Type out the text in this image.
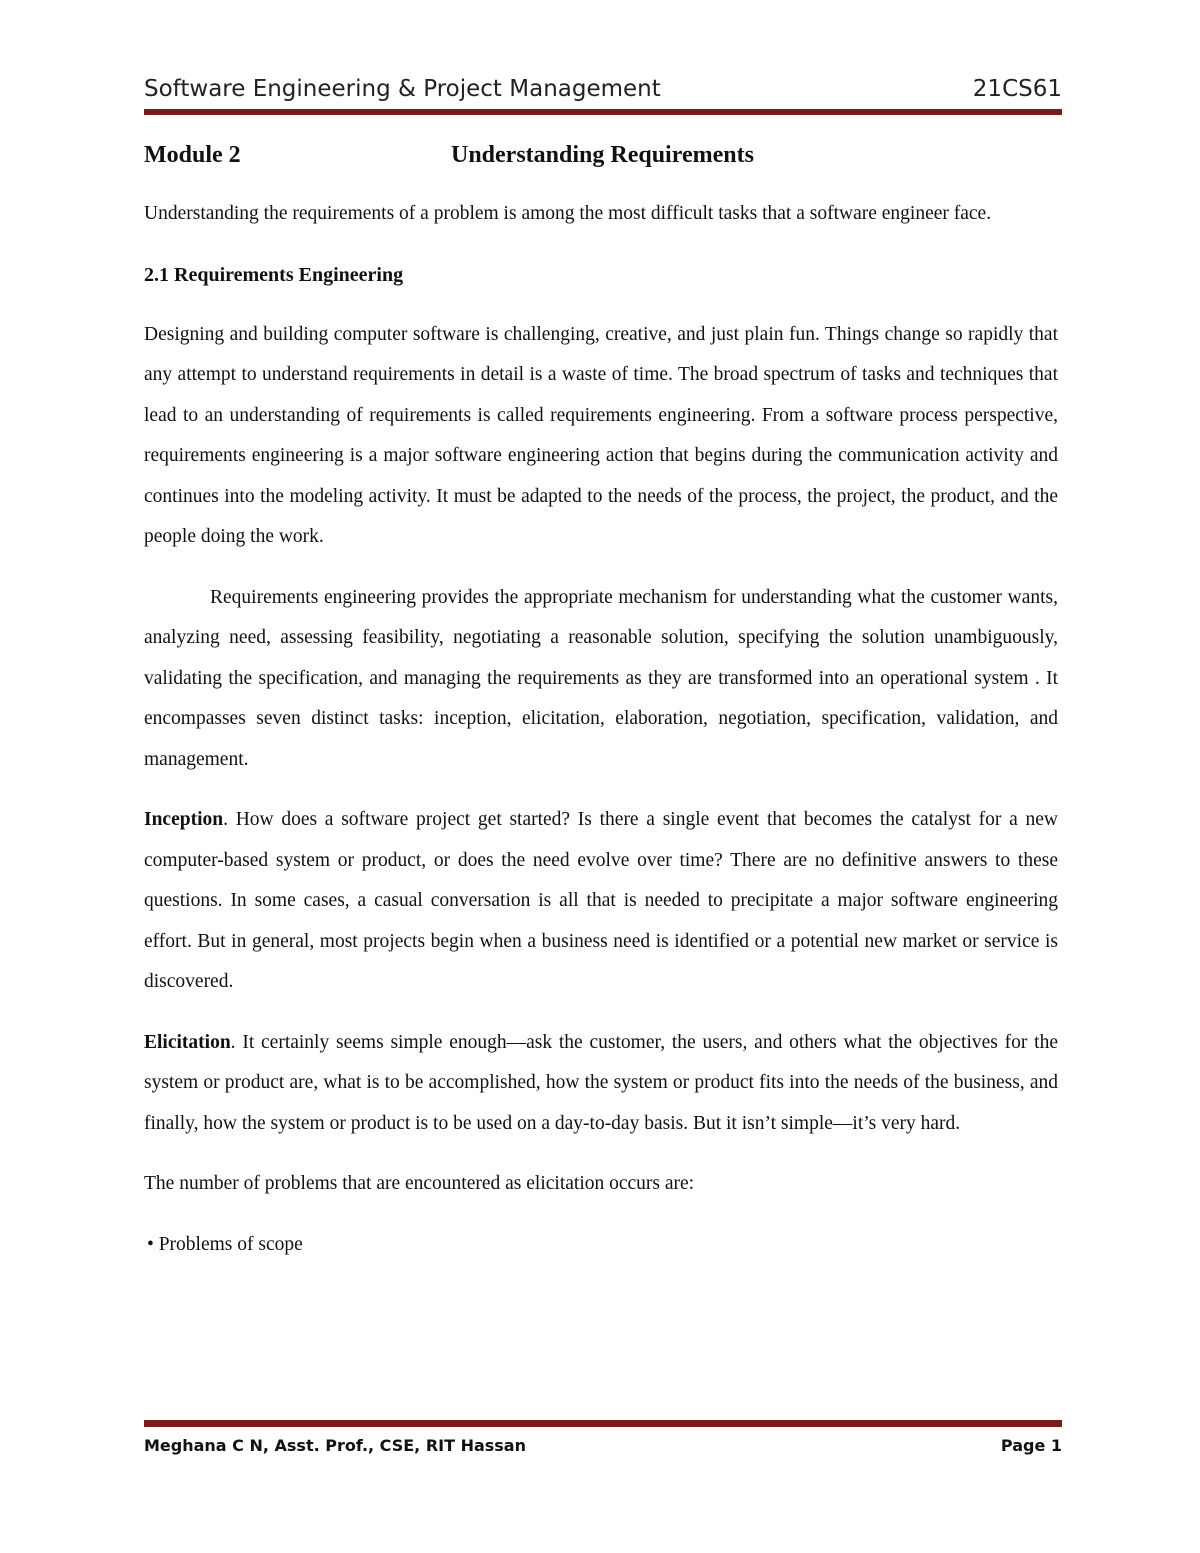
Software Engineering & Project Management	21CS61
Module 2	Understanding Requirements

Understanding the requirements of a problem is among the most difficult tasks that a software engineer face.

2.1 Requirements Engineering

Designing and building computer software is challenging, creative, and just plain fun. Things change so rapidly that any attempt to understand requirements in detail is a waste of time. The broad spectrum of tasks and techniques that lead to an understanding of requirements is called requirements engineering. From a software process perspective, requirements engineering is a major software engineering action that begins during the communication activity and continues into the modeling activity. It must be adapted to the needs of the process, the project, the product, and the people doing the work.

Requirements engineering provides the appropriate mechanism for understanding what the customer wants, analyzing need, assessing feasibility, negotiating a reasonable solution, specifying the solution unambiguously, validating the specification, and managing the requirements as they are transformed into an operational system . It encompasses seven distinct tasks: inception, elicitation, elaboration, negotiation, specification, validation, and management.

Inception. How does a software project get started? Is there a single event that becomes the catalyst for a new computer-based system or product, or does the need evolve over time? There are no definitive answers to these questions. In some cases, a casual conversation is all that is needed to precipitate a major software engineering effort. But in general, most projects begin when a business need is identified or a potential new market or service is discovered.

Elicitation. It certainly seems simple enough—ask the customer, the users, and others what the objectives for the system or product are, what is to be accomplished, how the system or product fits into the needs of the business, and finally, how the system or product is to be used on a day-to-day basis. But it isn’t simple—it’s very hard.

The number of problems that are encountered as elicitation occurs are:

• Problems of scope
Meghana C N, Asst. Prof., CSE, RIT Hassan	Page 1
